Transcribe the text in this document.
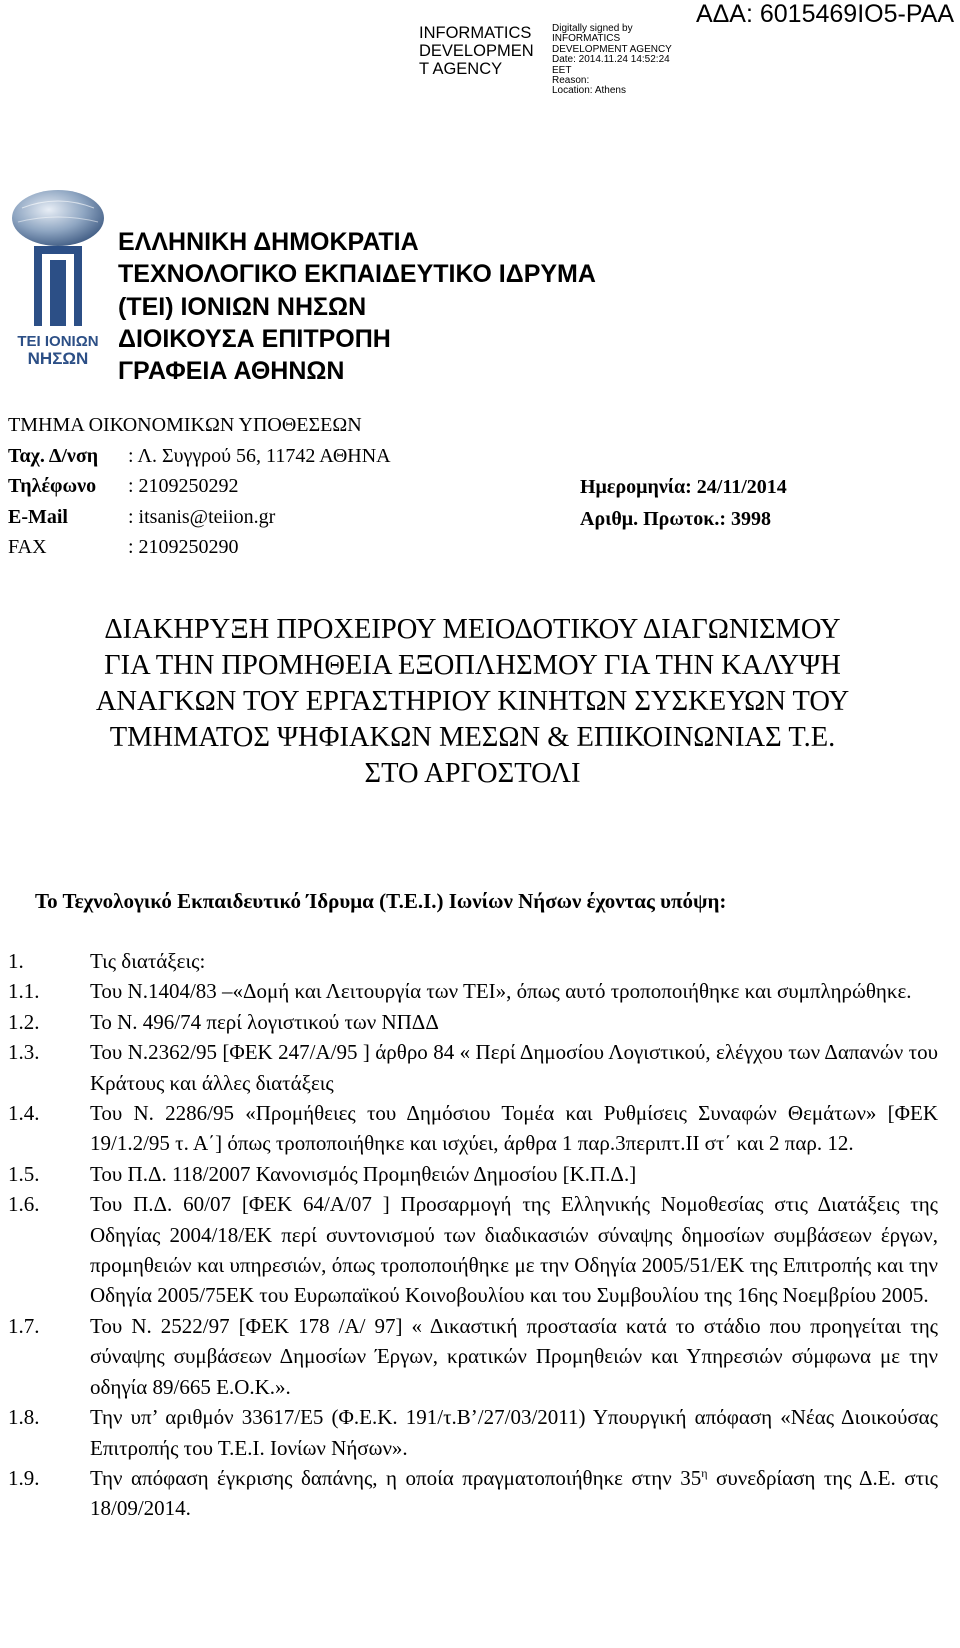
INFORMATICS
DEVELOPMEN
T AGENCY
Digitally signed by
INFORMATICS
DEVELOPMENT AGENCY
Date: 2014.11.24 14:52:24
EET
Reason:
Location: Athens
ΑΔΑ: 6015469ΙΟ5-ΡΑΑ
ΤΕΙ ΙΟΝΙΩΝ
ΝΗΣΩΝ
ΕΛΛΗΝΙΚΗ ΔΗΜΟΚΡΑΤΙΑ
ΤΕΧΝΟΛΟΓΙΚΟ ΕΚΠΑΙΔΕΥΤΙΚΟ ΙΔΡΥΜΑ
(ΤΕΙ) ΙΟΝΙΩΝ ΝΗΣΩΝ
ΔΙΟΙΚΟΥΣΑ ΕΠΙΤΡΟΠΗ
ΓΡΑΦΕΙΑ ΑΘΗΝΩΝ
ΤΜΗΜΑ ΟΙΚΟΝΟΜΙΚΩΝ ΥΠΟΘΕΣΕΩΝ
Ταχ. Δ/νση	: Λ. Συγγρού 56, 11742 ΑΘΗΝΑ
Τηλέφωνο	: 2109250292
E-Mail	: itsanis@teiion.gr
FAX	: 2109250290
Ημερομηνία: 24/11/2014
Αριθμ. Πρωτοκ.: 3998
ΔΙΑΚΗΡΥΞΗ ΠΡΟΧΕΙΡΟΥ ΜΕΙΟΔΟΤΙΚΟΥ ΔΙΑΓΩΝΙΣΜΟΥ
ΓΙΑ ΤΗΝ ΠΡΟΜΗΘΕΙΑ ΕΞΟΠΛΗΣΜΟΥ ΓΙΑ ΤΗΝ ΚΑΛΥΨΗ
ΑΝΑΓΚΩΝ ΤΟΥ ΕΡΓΑΣΤΗΡΙΟΥ ΚΙΝΗΤΩΝ ΣΥΣΚΕΥΩΝ ΤΟΥ
ΤΜΗΜΑΤΟΣ ΨΗΦΙΑΚΩΝ ΜΕΣΩΝ & ΕΠΙΚΟΙΝΩΝΙΑΣ Τ.Ε.
ΣΤΟ ΑΡΓΟΣΤΟΛΙ
Το Τεχνολογικό Εκπαιδευτικό Ίδρυμα (Τ.Ε.Ι.) Ιωνίων Νήσων έχοντας υπόψη:
1.	Τις διατάξεις:
1.1.	Του Ν.1404/83 –«Δομή και Λειτουργία των ΤΕΙ», όπως αυτό τροποποιήθηκε και συμπληρώθηκε.
1.2.	Το Ν. 496/74 περί λογιστικού των ΝΠΔΔ
1.3.	Του Ν.2362/95 [ΦΕΚ 247/Α/95 ] άρθρο 84 « Περί Δημοσίου Λογιστικού, ελέγχου των Δαπανών του Κράτους και άλλες διατάξεις
1.4.	Του Ν. 2286/95 «Προμήθειες του Δημόσιου Τομέα και Ρυθμίσεις Συναφών Θεμάτων» [ΦΕΚ 19/1.2/95 τ. Α΄] όπως τροποποιήθηκε και ισχύει, άρθρα 1 παρ.3περιπτ.ΙΙ στ΄ και 2 παρ. 12.
1.5.	Του Π.Δ. 118/2007 Κανονισμός Προμηθειών Δημοσίου [Κ.Π.Δ.]
1.6.	Του Π.Δ. 60/07 [ΦΕΚ 64/Α/07 ] Προσαρμογή της Ελληνικής Νομοθεσίας στις Διατάξεις της Οδηγίας 2004/18/ΕΚ περί συντονισμού των διαδικασιών σύναψης δημοσίων συμβάσεων έργων, προμηθειών και υπηρεσιών, όπως τροποποιήθηκε με την Οδηγία 2005/51/ΕΚ της Επιτροπής και την Οδηγία 2005/75ΕΚ του Ευρωπαϊκού Κοινοβουλίου και του Συμβουλίου της 16ης Νοεμβρίου 2005.
1.7.	Του Ν. 2522/97 [ΦΕΚ 178 /Α/ 97] « Δικαστική προστασία κατά το στάδιο που προηγείται της σύναψης συμβάσεων Δημοσίων Έργων, κρατικών Προμηθειών και Υπηρεσιών σύμφωνα με την οδηγία 89/665 Ε.Ο.Κ.».
1.8.	Την υπ’ αριθμόν 33617/Ε5 (Φ.Ε.Κ. 191/τ.Β’/27/03/2011) Υπουργική απόφαση «Νέας Διοικούσας Επιτροπής του Τ.Ε.Ι. Ιονίων Νήσων».
1.9.	Την απόφαση έγκρισης δαπάνης, η οποία πραγματοποιήθηκε στην $35^\eta$ συνεδρίαση της Δ.Ε. στις 18/09/2014.
